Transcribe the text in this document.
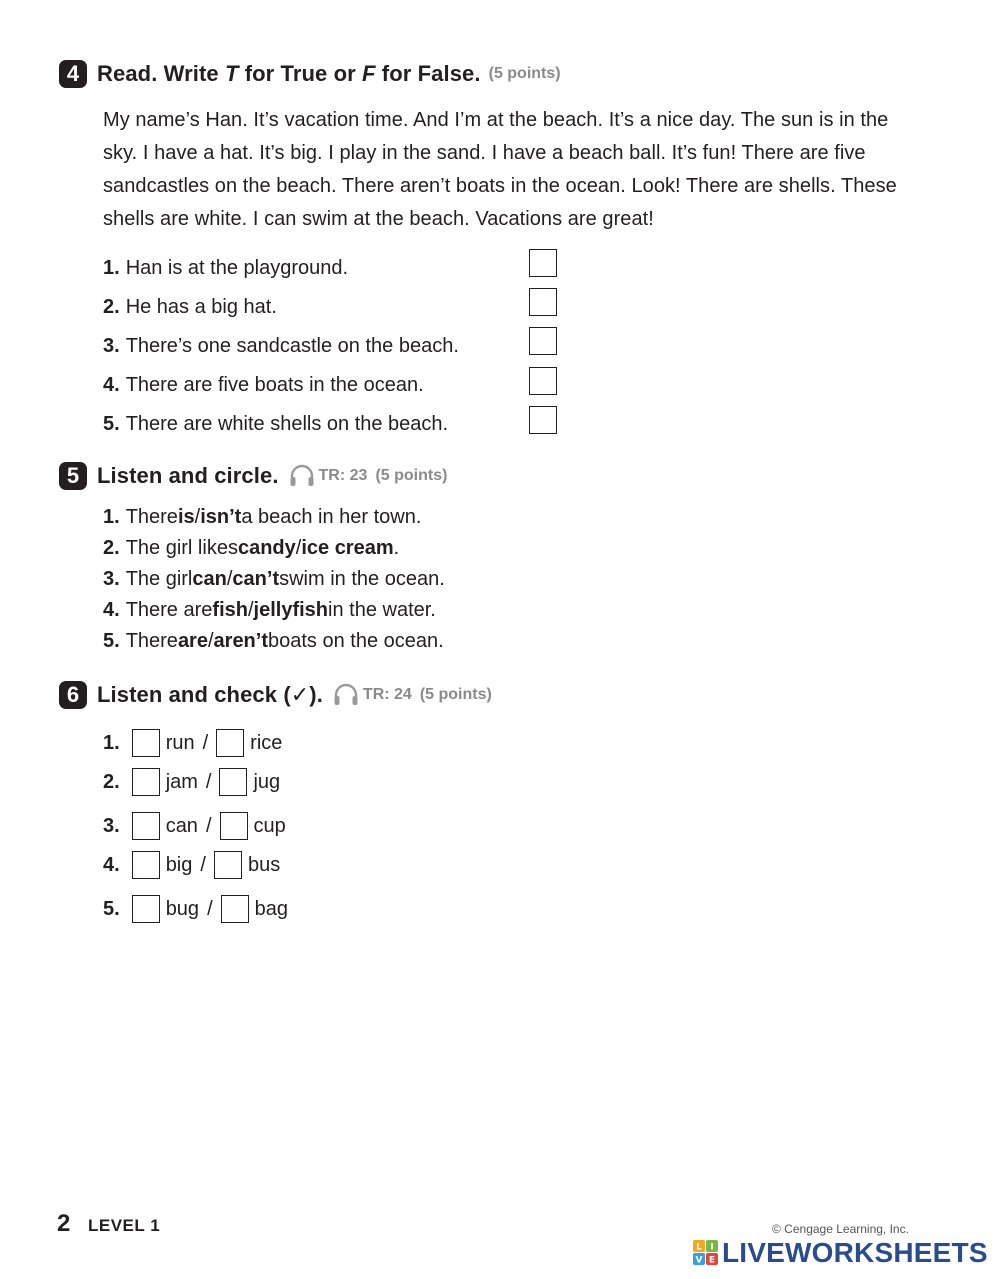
4 Read. Write T for True or F for False. (5 points)
My name’s Han. It’s vacation time. And I’m at the beach. It’s a nice day. The sun is in the sky. I have a hat. It’s big. I play in the sand. I have a beach ball. It’s fun! There are five sandcastles on the beach. There aren’t boats in the ocean. Look! There are shells. These shells are white. I can swim at the beach. Vacations are great!
1. Han is at the playground.
2. He has a big hat.
3. There’s one sandcastle on the beach.
4. There are five boats in the ocean.
5. There are white shells on the beach.
5 Listen and circle.	TR: 23 (5 points)
1. There is / isn’t a beach in her town.
2. The girl likes candy / ice cream .
3. The girl can / can’t swim in the ocean.
4. There are fish / jellyfish in the water.
5. There are / aren’t boats on the ocean.
6 Listen and check (✓).	TR: 24 (5 points)
1. run / rice
2. jam / jug
3. can / cup
4. big / bus
5. bug / bag
2 LEVEL 1	© Cengage Learning, Inc.
L I
V E LIVEWORKSHEETS
